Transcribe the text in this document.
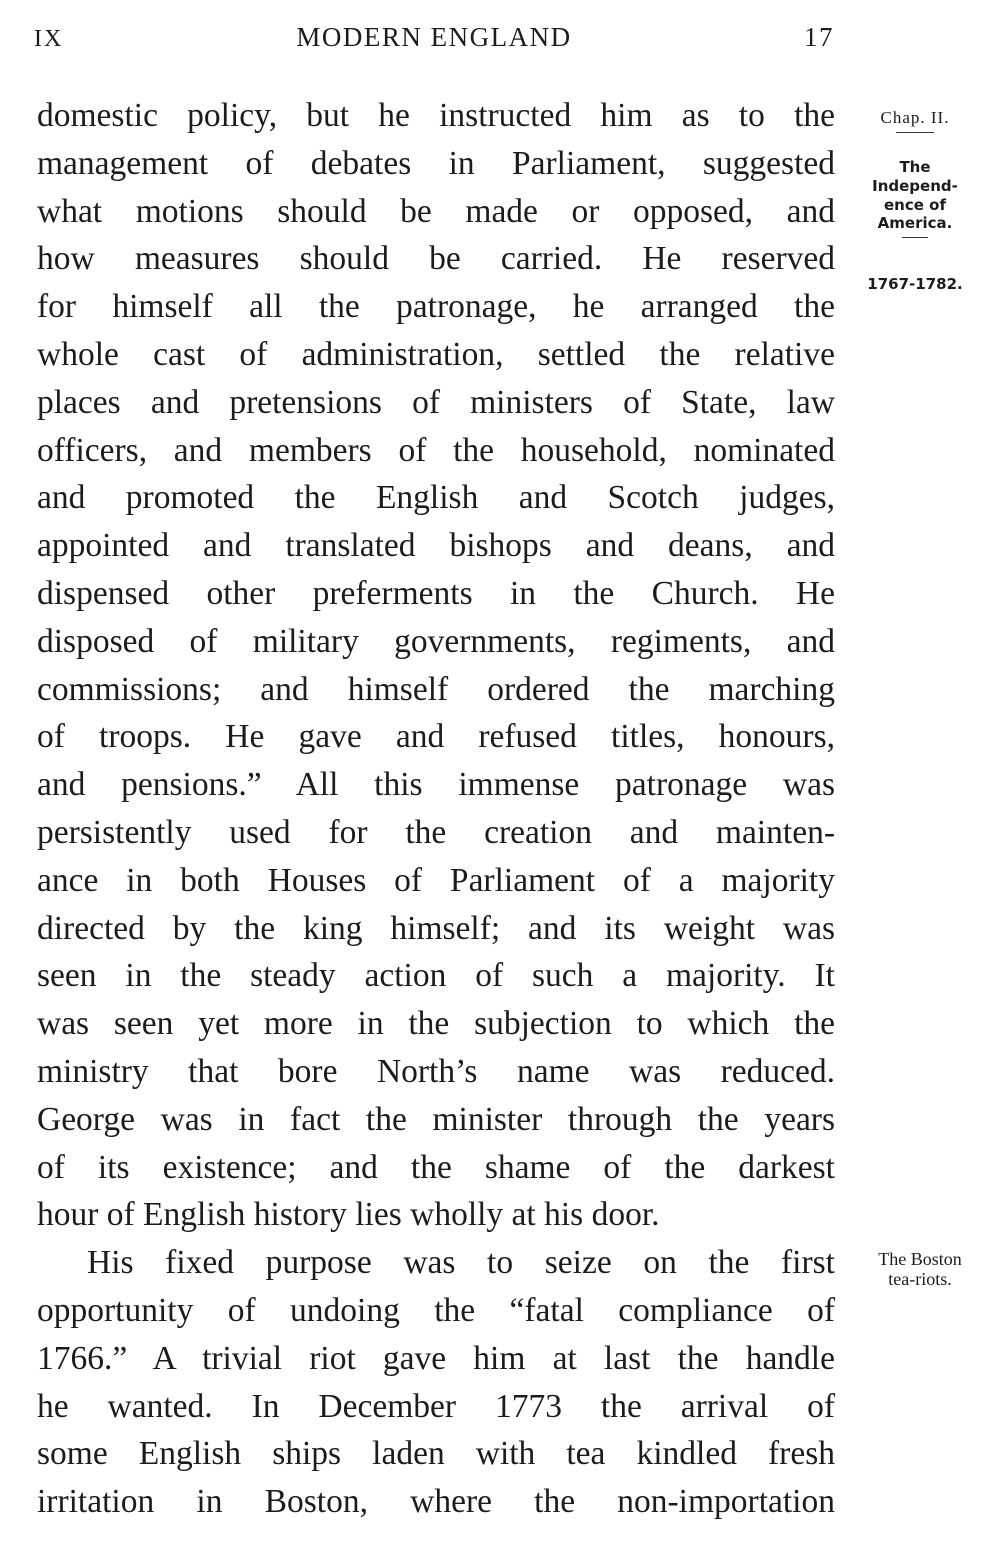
IX	MODERN ENGLAND	17
Chap. II.
The
Independ-
ence of
America.
1767-1782.
The Boston
tea-riots.
domestic policy, but he instructed him as to the
management of debates in Parliament, suggested
what motions should be made or opposed, and
how measures should be carried. He reserved
for himself all the patronage, he arranged the
whole cast of administration, settled the relative
places and pretensions of ministers of State, law
officers, and members of the household, nominated
and promoted the English and Scotch judges,
appointed and translated bishops and deans, and
dispensed other preferments in the Church. He
disposed of military governments, regiments, and
commissions; and himself ordered the marching
of troops. He gave and refused titles, honours,
and pensions.” All this immense patronage was
persistently used for the creation and mainten-
ance in both Houses of Parliament of a majority
directed by the king himself; and its weight was
seen in the steady action of such a majority. It
was seen yet more in the subjection to which the
ministry that bore North’s name was reduced.
George was in fact the minister through the years
of its existence; and the shame of the darkest
hour of English history lies wholly at his door.
His fixed purpose was to seize on the first
opportunity of undoing the “fatal compliance of
1766.” A trivial riot gave him at last the handle
he wanted. In December 1773 the arrival of
some English ships laden with tea kindled fresh
irritation in Boston, where the non-importation
